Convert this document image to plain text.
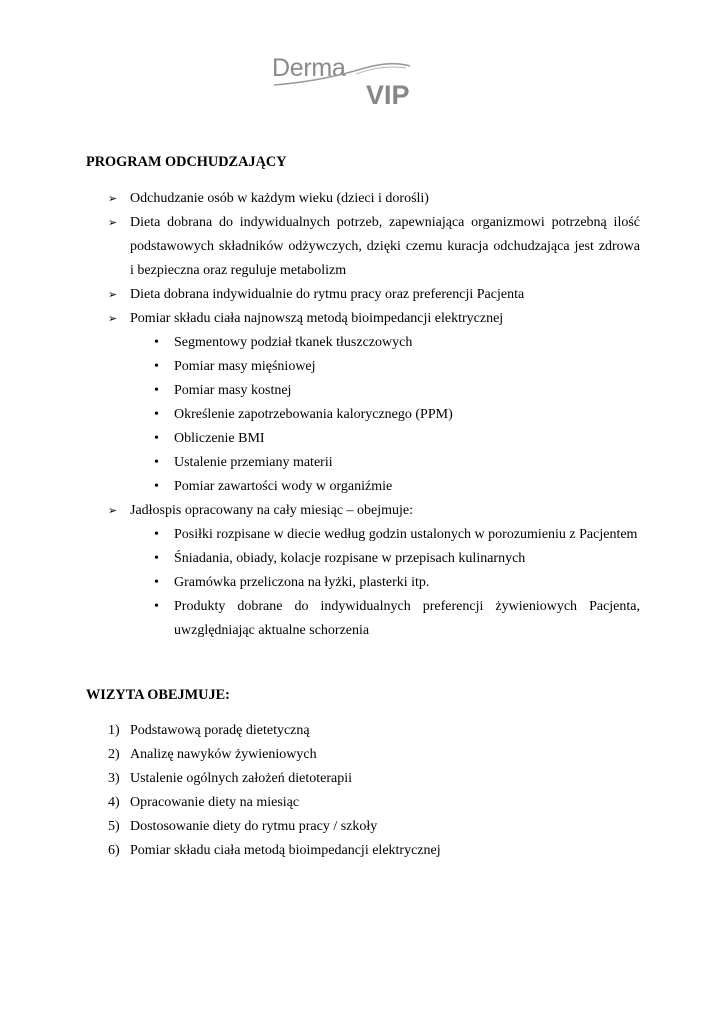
Derma
VIP
PROGRAM ODCHUDZAJĄCY
➢ Odchudzanie osób w każdym wieku (dzieci i dorośli)
➢ Dieta dobrana do indywidualnych potrzeb, zapewniająca organizmowi potrzebną ilość
podstawowych składników odżywczych, dzięki czemu kuracja odchudzająca jest zdrowa
i bezpieczna oraz reguluje metabolizm
➢ Dieta dobrana indywidualnie do rytmu pracy oraz preferencji Pacjenta
➢ Pomiar składu ciała najnowszą metodą bioimpedancji elektrycznej
•	Segmentowy podział tkanek tłuszczowych
•	Pomiar masy mięśniowej
•	Pomiar masy kostnej
•	Określenie zapotrzebowania kalorycznego (PPM)
•	Obliczenie BMI
•	Ustalenie przemiany materii
•	Pomiar zawartości wody w organiźmie
➢ Jadłospis opracowany na cały miesiąc – obejmuje:
•	Posiłki rozpisane w diecie według godzin ustalonych w porozumieniu z Pacjentem
•	Śniadania, obiady, kolacje rozpisane w przepisach kulinarnych
•	Gramówka przeliczona na łyżki, plasterki itp.
•	Produkty dobrane do indywidualnych preferencji żywieniowych Pacjenta,
uwzględniając aktualne schorzenia
WIZYTA OBEJMUJE:
1) Podstawową poradę dietetyczną
2) Analizę nawyków żywieniowych
3) Ustalenie ogólnych założeń dietoterapii
4) Opracowanie diety na miesiąc
5) Dostosowanie diety do rytmu pracy / szkoły
6) Pomiar składu ciała metodą bioimpedancji elektrycznej
